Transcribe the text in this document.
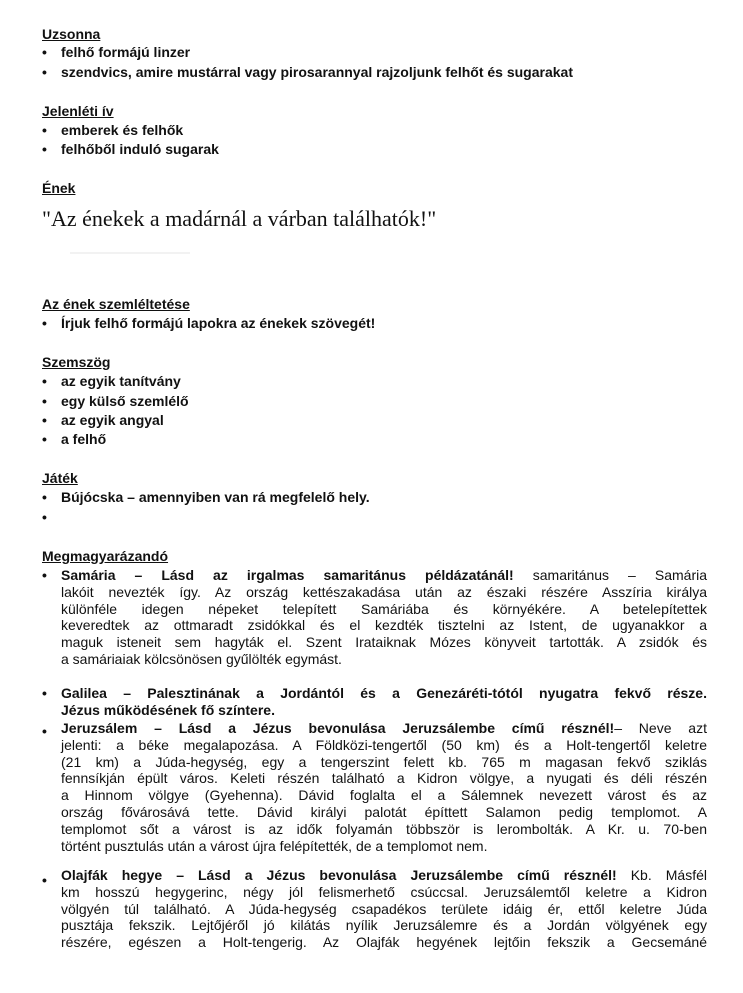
Uzsonna
•	felhő formájú linzer
•	szendvics, amire mustárral vagy pirosarannyal rajzoljunk felhőt és sugarakat
Jelenléti ív
•	emberek és felhők
•	felhőből induló sugarak
Ének
"Az énekek a madárnál a várban találhatók!"
Az ének szemléltetése
•	Írjuk felhő formájú lapokra az énekek szövegét!
Szemszög
•	az egyik tanítvány
•	egy külső szemlélő
•	az egyik angyal
•	a felhő
Játék
•	Bújócska – amennyiben van rá megfelelő hely.
•
Megmagyarázandó
• Samária – Lásd az irgalmas samaritánus példázatánál! samaritánus – Samária
lakóit nevezték így. Az ország kettészakadása után az északi részére Asszíria királya
különféle idegen népeket telepített Samáriába és környékére. A betelepítettek
keveredtek az ottmaradt zsidókkal és el kezdték tisztelni az Istent, de ugyanakkor a
maguk isteneit sem hagyták el. Szent Irataiknak Mózes könyveit tartották. A zsidók és
a samáriaiak kölcsönösen gyűlölték egymást.
• Galilea – Palesztinának a Jordántól és a Genezáréti-tótól nyugatra fekvő része.
Jézus működésének fő színtere.
• Jeruzsálem – Lásd a Jézus bevonulása Jeruzsálembe című résznél!– Neve azt
jelenti: a béke megalapozása. A Földközi-tengertől (50 km) és a Holt-tengertől keletre
(21 km) a Júda-hegység, egy a tengerszint felett kb. 765 m magasan fekvő sziklás
fennsíkján épült város. Keleti részén található a Kidron völgye, a nyugati és déli részén
a Hinnom völgye (Gyehenna). Dávid foglalta el a Sálemnek nevezett várost és az
ország fővárosává tette. Dávid királyi palotát építtett Salamon pedig templomot. A
templomot sőt a várost is az idők folyamán többször is lerombolták. A Kr. u. 70-ben
történt pusztulás után a várost újra felépítették, de a templomot nem.
• Olajfák hegye – Lásd a Jézus bevonulása Jeruzsálembe című résznél! Kb. Másfél
km hosszú hegygerinc, négy jól felismerhető csúccsal. Jeruzsálemtől keletre a Kidron
völgyén túl található. A Júda-hegység csapadékos területe idáig ér, ettől keletre Júda
pusztája fekszik. Lejtőjéről jó kilátás nyílik Jeruzsálemre és a Jordán völgyének egy
részére, egészen a Holt-tengerig. Az Olajfák hegyének lejtőin fekszik a Gecsemáné
